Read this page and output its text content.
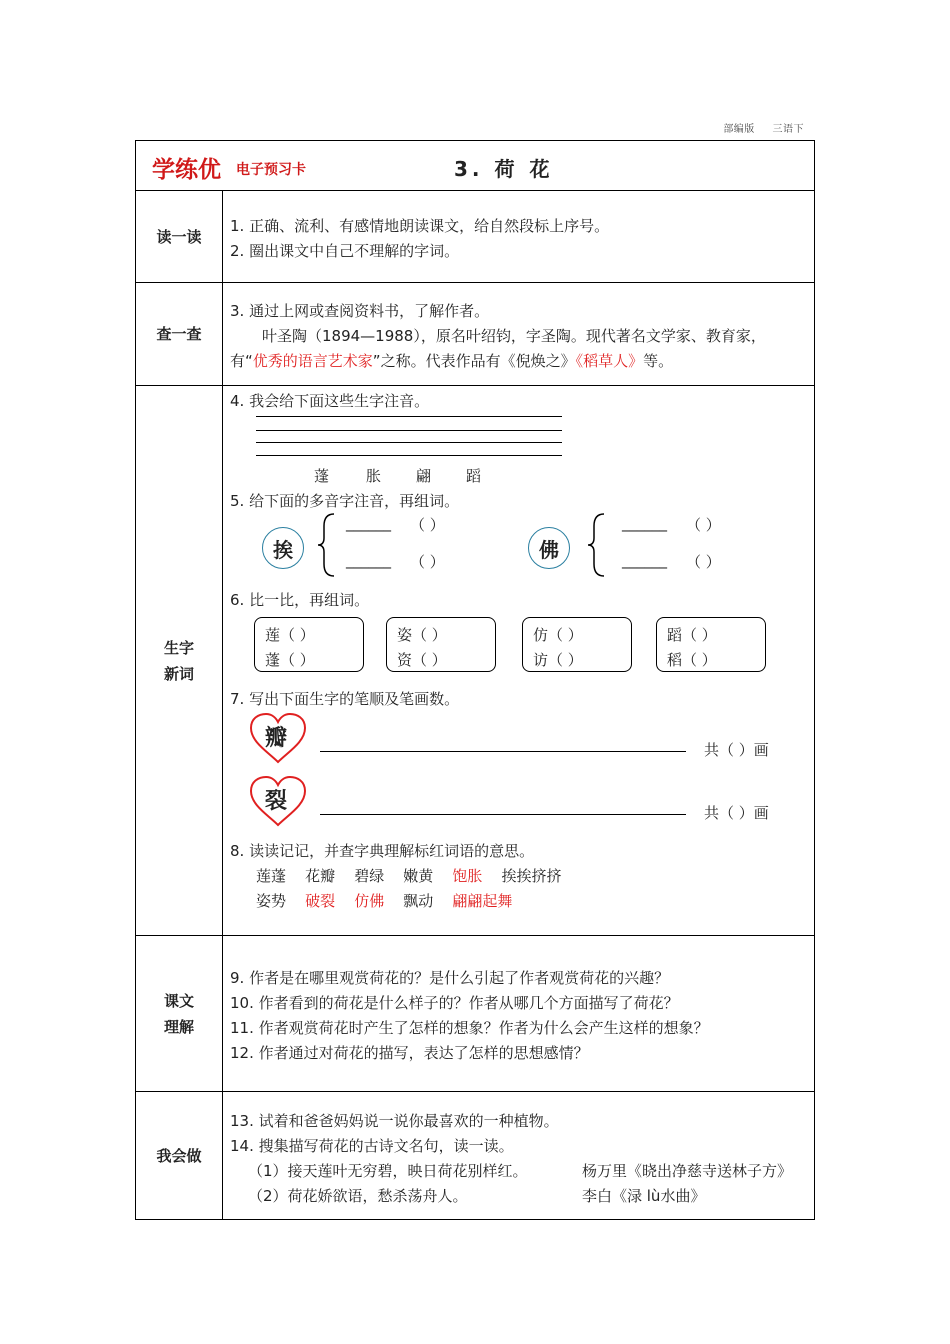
部编版 三语下
学练优 电子预习卡	3. 荷 花
读一读
1. 正确、流利、有感情地朗读课文，给自然段标上序号。
2. 圈出课文中自己不理解的字词。
查一查
3. 通过上网或查阅资料书，了解作者。
叶圣陶（1894—1988），原名叶绍钧，字圣陶。现代著名文学家、教育家，
有“优秀的语言艺术家”之称。代表作品有《倪焕之》《稻草人》等。
生字
新词
4. 我会给下面这些生字注音。
蓬 胀 翩 蹈
5. 给下面的多音字注音，再组词。
挨
______ （ ）
______ （ ）
佛
______ （ ）
______ （ ）
6. 比一比，再组词。
莲（ ）
蓬（ ）
姿（ ）
资（ ）
仿（ ）
访（ ）
蹈（ ）
稻（ ）
7. 写出下面生字的笔顺及笔画数。
瓣	共（ ）画
裂	共（ ）画
8. 读读记记，并查字典理解标红词语的意思。
莲蓬 花瓣 碧绿 嫩黄 饱胀 挨挨挤挤
姿势 破裂 仿佛 飘动 翩翩起舞
课文
理解
9. 作者是在哪里观赏荷花的？是什么引起了作者观赏荷花的兴趣？
10. 作者看到的荷花是什么样子的？作者从哪几个方面描写了荷花？
11. 作者观赏荷花时产生了怎样的想象？作者为什么会产生这样的想象？
12. 作者通过对荷花的描写，表达了怎样的思想感情？
我会做
13. 试着和爸爸妈妈说一说你最喜欢的一种植物。
14. 搜集描写荷花的古诗文名句，读一读。
（1）接天莲叶无穷碧，映日荷花别样红。	杨万里《晓出净慈寺送林子方》
（2）荷花娇欲语，愁杀荡舟人。	李白《渌 lù水曲》
